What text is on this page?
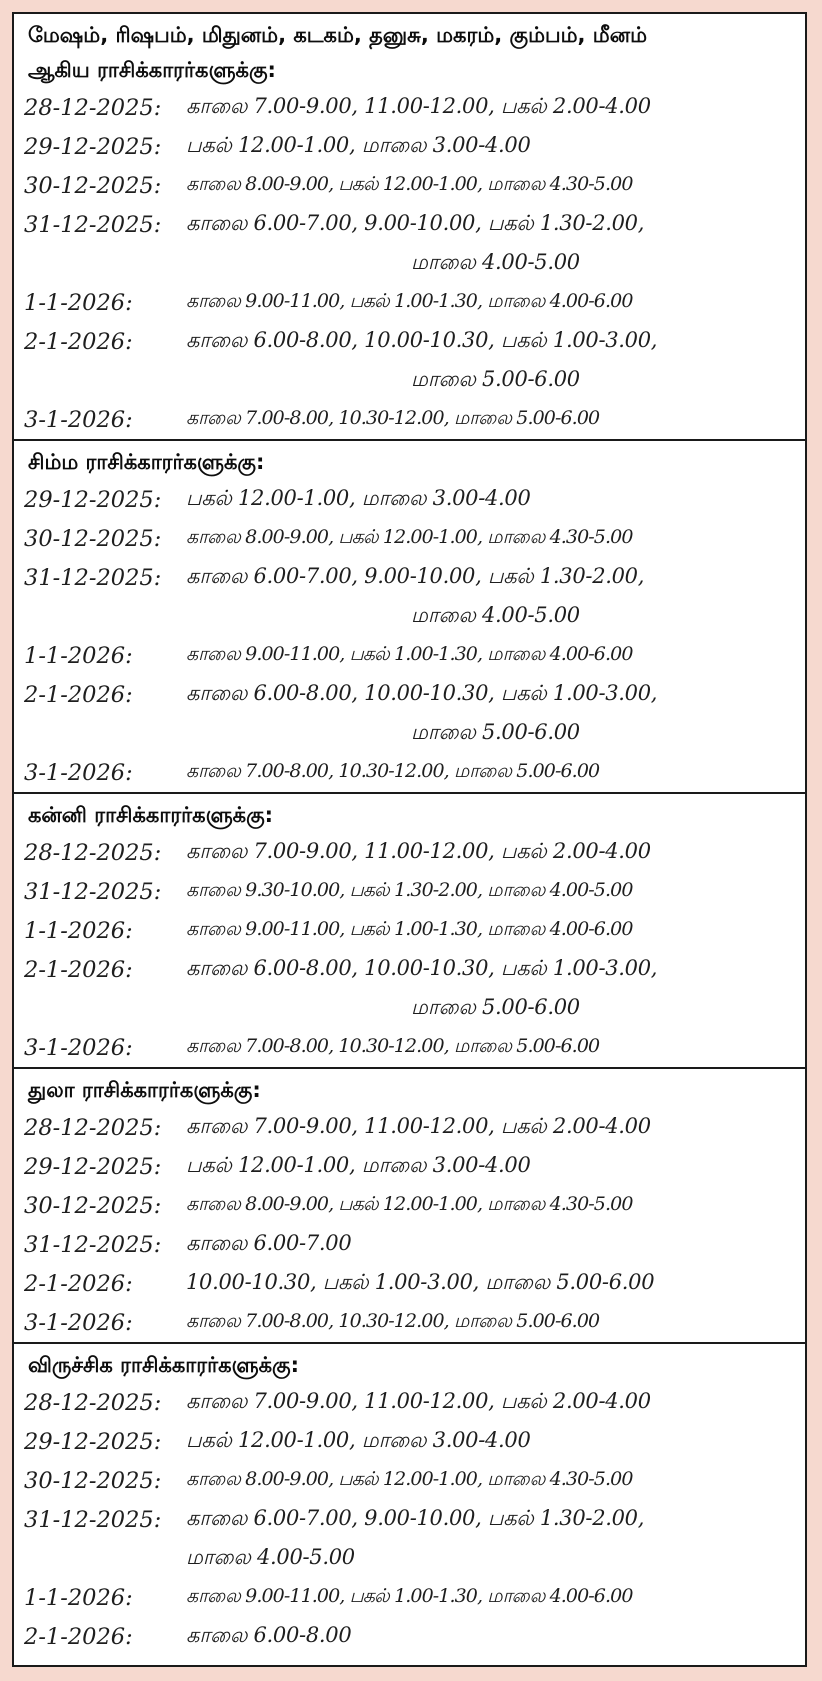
மேஷம், ரிஷபம், மிதுனம், கடகம், தனுசு, மகரம், கும்பம், மீனம்
ஆகிய ராசிக்காரர்களுக்கு:
28-12-2025:	காலை 7.00-9.00, 11.00-12.00, பகல் 2.00-4.00
29-12-2025:	பகல் 12.00-1.00, மாலை 3.00-4.00
30-12-2025:	காலை 8.00-9.00, பகல் 12.00-1.00, மாலை 4.30-5.00
31-12-2025:	காலை 6.00-7.00, 9.00-10.00, பகல் 1.30-2.00,
மாலை 4.00-5.00
1-1-2026:	காலை 9.00-11.00, பகல் 1.00-1.30, மாலை 4.00-6.00
2-1-2026:	காலை 6.00-8.00, 10.00-10.30, பகல் 1.00-3.00,
மாலை 5.00-6.00
3-1-2026:	காலை 7.00-8.00, 10.30-12.00, மாலை 5.00-6.00
சிம்ம ராசிக்காரர்களுக்கு:
29-12-2025:	பகல் 12.00-1.00, மாலை 3.00-4.00
30-12-2025:	காலை 8.00-9.00, பகல் 12.00-1.00, மாலை 4.30-5.00
31-12-2025:	காலை 6.00-7.00, 9.00-10.00, பகல் 1.30-2.00,
மாலை 4.00-5.00
1-1-2026:	காலை 9.00-11.00, பகல் 1.00-1.30, மாலை 4.00-6.00
2-1-2026:	காலை 6.00-8.00, 10.00-10.30, பகல் 1.00-3.00,
மாலை 5.00-6.00
3-1-2026:	காலை 7.00-8.00, 10.30-12.00, மாலை 5.00-6.00
கன்னி ராசிக்காரர்களுக்கு:
28-12-2025:	காலை 7.00-9.00, 11.00-12.00, பகல் 2.00-4.00
31-12-2025:	காலை 9.30-10.00, பகல் 1.30-2.00, மாலை 4.00-5.00
1-1-2026:	காலை 9.00-11.00, பகல் 1.00-1.30, மாலை 4.00-6.00
2-1-2026:	காலை 6.00-8.00, 10.00-10.30, பகல் 1.00-3.00,
மாலை 5.00-6.00
3-1-2026:	காலை 7.00-8.00, 10.30-12.00, மாலை 5.00-6.00
துலா ராசிக்காரர்களுக்கு:
28-12-2025:	காலை 7.00-9.00, 11.00-12.00, பகல் 2.00-4.00
29-12-2025:	பகல் 12.00-1.00, மாலை 3.00-4.00
30-12-2025:	காலை 8.00-9.00, பகல் 12.00-1.00, மாலை 4.30-5.00
31-12-2025:	காலை 6.00-7.00
2-1-2026:	10.00-10.30, பகல் 1.00-3.00, மாலை 5.00-6.00
3-1-2026:	காலை 7.00-8.00, 10.30-12.00, மாலை 5.00-6.00
விருச்சிக ராசிக்காரர்களுக்கு:
28-12-2025:	காலை 7.00-9.00, 11.00-12.00, பகல் 2.00-4.00
29-12-2025:	பகல் 12.00-1.00, மாலை 3.00-4.00
30-12-2025:	காலை 8.00-9.00, பகல் 12.00-1.00, மாலை 4.30-5.00
31-12-2025:	காலை 6.00-7.00, 9.00-10.00, பகல் 1.30-2.00,
மாலை 4.00-5.00
1-1-2026:	காலை 9.00-11.00, பகல் 1.00-1.30, மாலை 4.00-6.00
2-1-2026:	காலை 6.00-8.00
